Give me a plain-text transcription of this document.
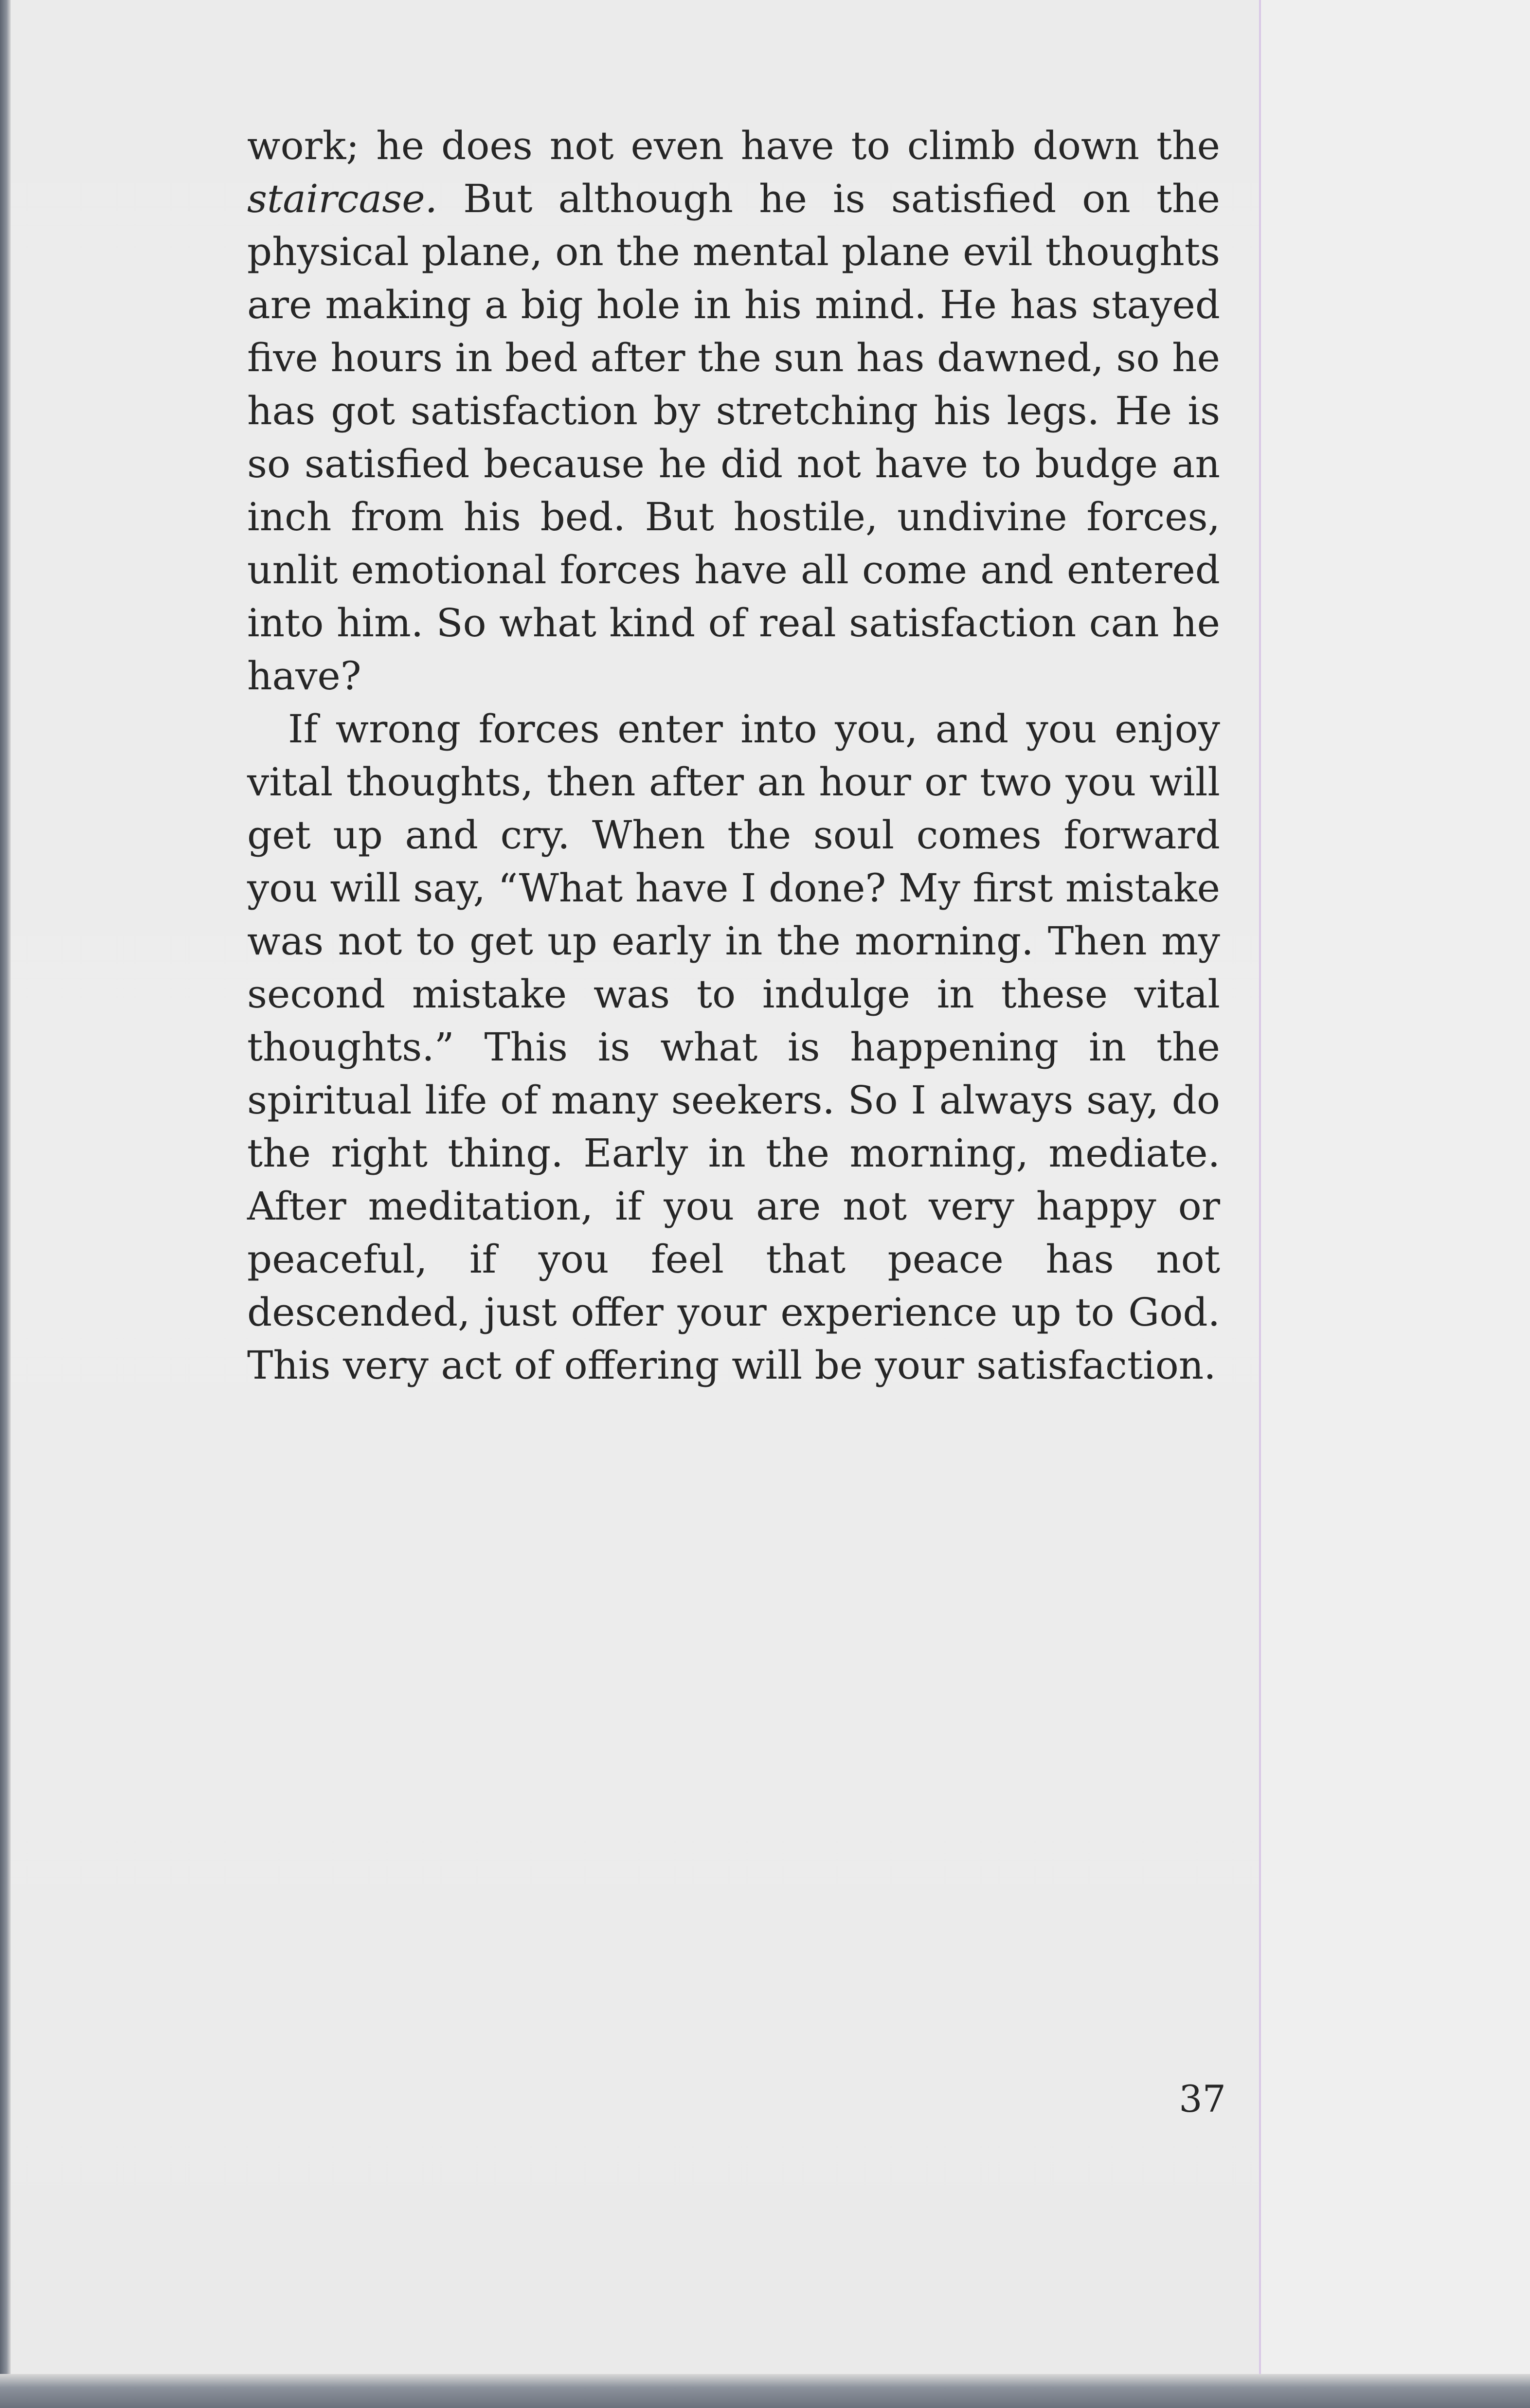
work; he does not even have to climb down the staircase. But although he is satisfied on the physical plane, on the mental plane evil thoughts are making a big hole in his mind. He has stayed five hours in bed after the sun has dawned, so he has got satisfaction by stretching his legs. He is so satisfied because he did not have to budge an inch from his bed. But hostile, undivine forces, unlit emotional forces have all come and entered into him. So what kind of real satisfaction can he have?

If wrong forces enter into you, and you enjoy vital thoughts, then after an hour or two you will get up and cry. When the soul comes forward you will say, “What have I done? My first mistake was not to get up early in the morning. Then my second mistake was to indulge in these vital thoughts.” This is what is happening in the spiritual life of many seekers. So I always say, do the right thing. Early in the morning, mediate. After meditation, if you are not very happy or peaceful, if you feel that peace has not descended, just offer your experience up to God. This very act of offering will be your satisfaction.

37
